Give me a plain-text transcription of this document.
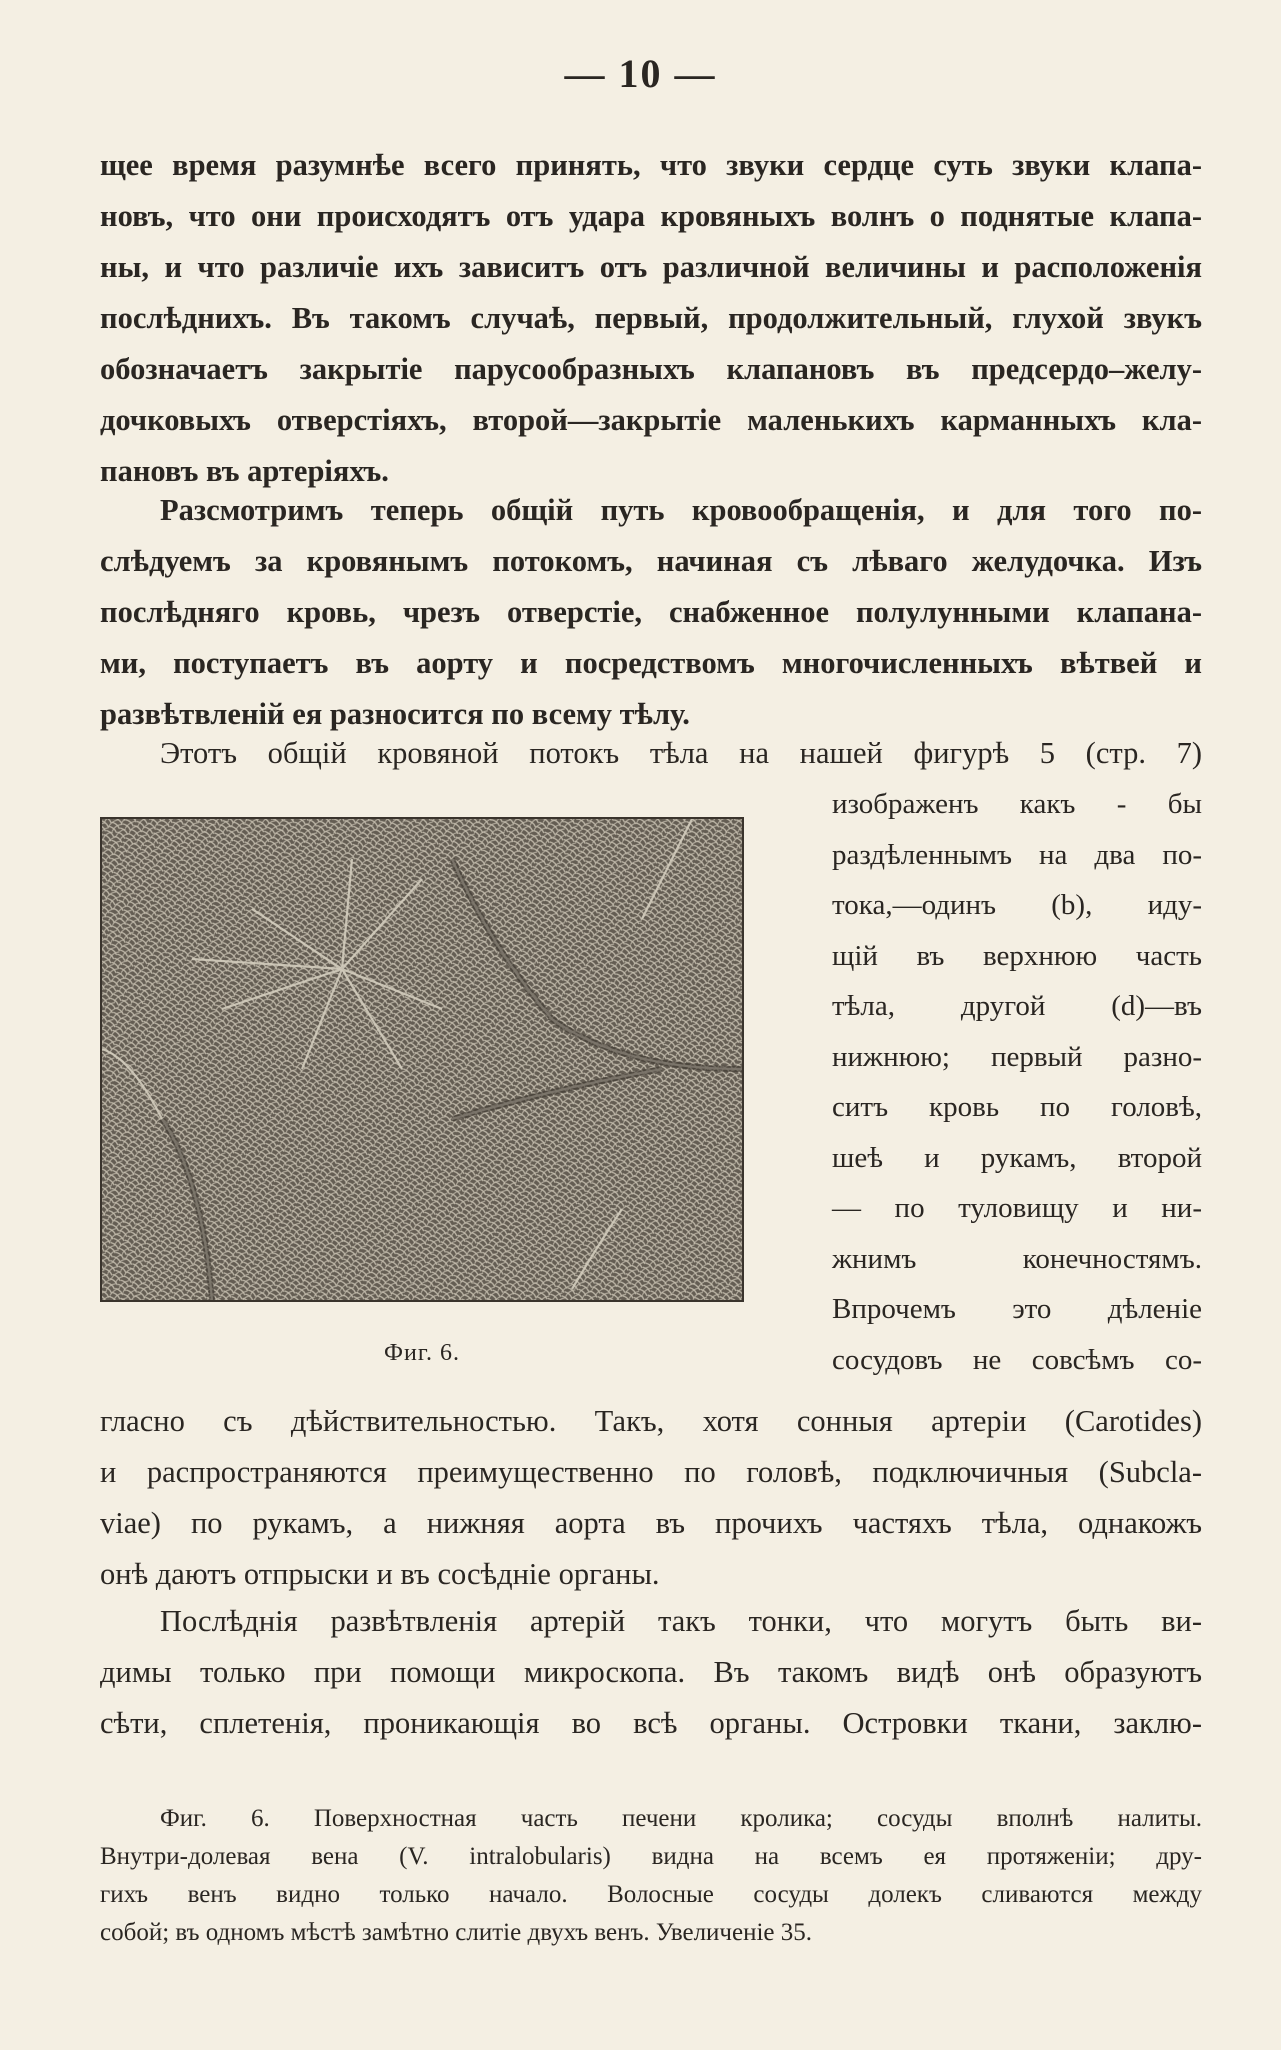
— 10 —
щее время разумнѣе всего принять, что звуки сердце суть звуки клапа-
новъ, что они происходятъ отъ удара кровяныхъ волнъ о поднятые клапа-
ны, и что различіе ихъ зависитъ отъ различной величины и расположенія
послѣднихъ. Въ такомъ случаѣ, первый, продолжительный, глухой звукъ
обозначаетъ закрытіе парусообразныхъ клапановъ въ предсердо–желу-
дочковыхъ отверстіяхъ, второй—закрытіе маленькихъ карманныхъ кла-
пановъ въ артеріяхъ.
Разсмотримъ теперь общій путь кровообращенія, и для того по-
слѣдуемъ за кровянымъ потокомъ, начиная съ лѣваго желудочка. Изъ
послѣдняго кровь, чрезъ отверстіе, снабженное полулунными клапана-
ми, поступаетъ въ аорту и посредствомъ многочисленныхъ вѣтвей и
развѣтвленій ея разносится по всему тѣлу.
Этотъ общій кровяной потокъ тѣла на нашей фигурѣ 5 (стр. 7)
Фиг. 6.
изображенъ какъ - бы
раздѣленнымъ на два по-
тока,—одинъ (b), иду-
щій въ верхнюю часть
тѣла, другой (d)—въ
нижнюю; первый разно-
ситъ кровь по головѣ,
шеѣ и рукамъ, второй
— по туловищу и ни-
жнимъ конечностямъ.
Впрочемъ это дѣленіе
сосудовъ не совсѣмъ со-
гласно съ дѣйствительностью. Такъ, хотя сонныя артеріи (Carotides)
и распространяются преимущественно по головѣ, подключичныя (Subcla-
viae) по рукамъ, а нижняя аорта въ прочихъ частяхъ тѣла, однакожъ
онѣ даютъ отпрыски и въ сосѣдніе органы.
Послѣднія развѣтвленія артерій такъ тонки, что могутъ быть ви-
димы только при помощи микроскопа. Въ такомъ видѣ онѣ образуютъ
сѣти, сплетенія, проникающія во всѣ органы. Островки ткани, заклю-
Фиг. 6. Поверхностная часть печени кролика; сосуды вполнѣ налиты.
Внутри-долевая вена (V. intralobularis) видна на всемъ ея протяженіи; дру-
гихъ венъ видно только начало. Волосные сосуды долекъ сливаются между
собой; въ одномъ мѣстѣ замѣтно слитіе двухъ венъ. Увеличеніе 35.
